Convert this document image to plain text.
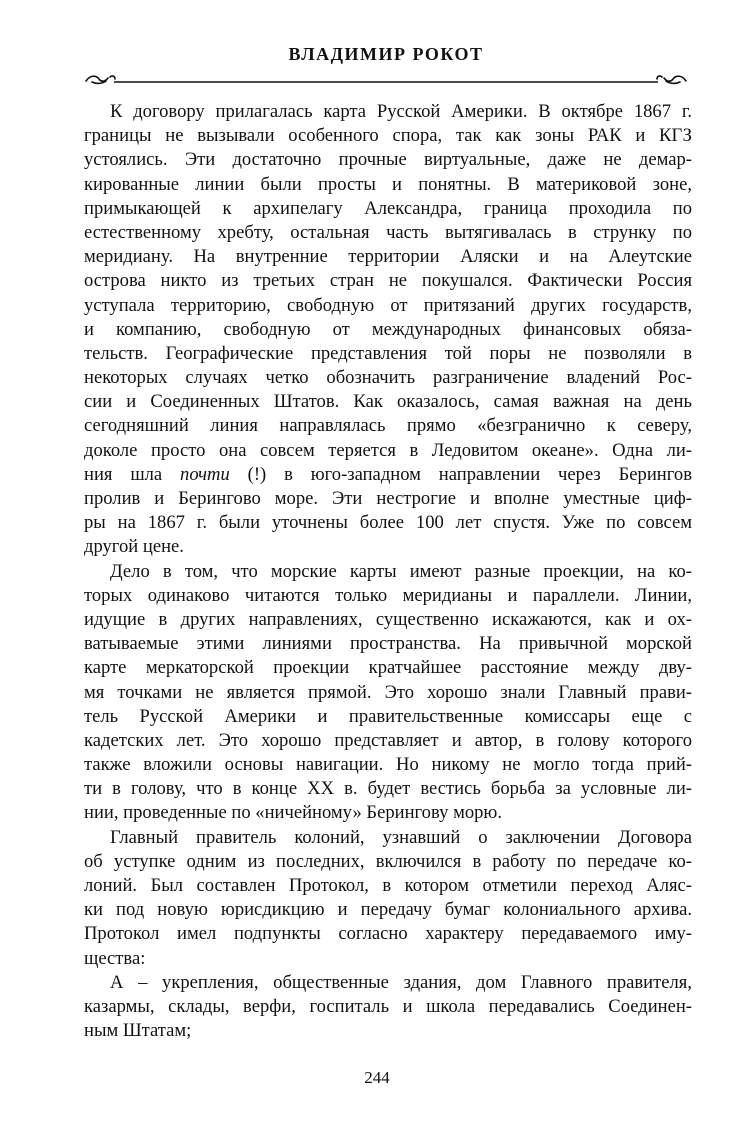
ВЛАДИМИР РОКОТ
К договору прилагалась карта Русской Америки. В октябре 1867 г.
границы не вызывали особенного спора, так как зоны РАК и КГЗ
устоялись. Эти достаточно прочные виртуальные, даже не демар-
кированные линии были просты и понятны. В материковой зоне,
примыкающей к архипелагу Александра, граница проходила по
естественному хребту, остальная часть вытягивалась в струнку по
меридиану. На внутренние территории Аляски и на Алеутские
острова никто из третьих стран не покушался. Фактически Россия
уступала территорию, свободную от притязаний других государств,
и компанию, свободную от международных финансовых обяза-
тельств. Географические представления той поры не позволяли в
некоторых случаях четко обозначить разграничение владений Рос-
сии и Соединенных Штатов. Как оказалось, самая важная на день
сегодняшний линия направлялась прямо «безгранично к северу,
доколе просто она совсем теряется в Ледовитом океане». Одна ли-
ния шла почти (!) в юго-западном направлении через Берингов
пролив и Берингово море. Эти нестрогие и вполне уместные циф-
ры на 1867 г. были уточнены более 100 лет спустя. Уже по совсем
другой цене.
Дело в том, что морские карты имеют разные проекции, на ко-
торых одинаково читаются только меридианы и параллели. Линии,
идущие в других направлениях, существенно искажаются, как и ох-
ватываемые этими линиями пространства. На привычной морской
карте меркаторской проекции кратчайшее расстояние между дву-
мя точками не является прямой. Это хорошо знали Главный прави-
тель Русской Америки и правительственные комиссары еще с
кадетских лет. Это хорошо представляет и автор, в голову которого
также вложили основы навигации. Но никому не могло тогда прий-
ти в голову, что в конце XX в. будет вестись борьба за условные ли-
нии, проведенные по «ничейному» Берингову морю.
Главный правитель колоний, узнавший о заключении Договора
об уступке одним из последних, включился в работу по передаче ко-
лоний. Был составлен Протокол, в котором отметили переход Аляс-
ки под новую юрисдикцию и передачу бумаг колониального архива.
Протокол имел подпункты согласно характеру передаваемого иму-
щества:
А – укрепления, общественные здания, дом Главного правителя,
казармы, склады, верфи, госпиталь и школа передавались Соединен-
ным Штатам;
244
